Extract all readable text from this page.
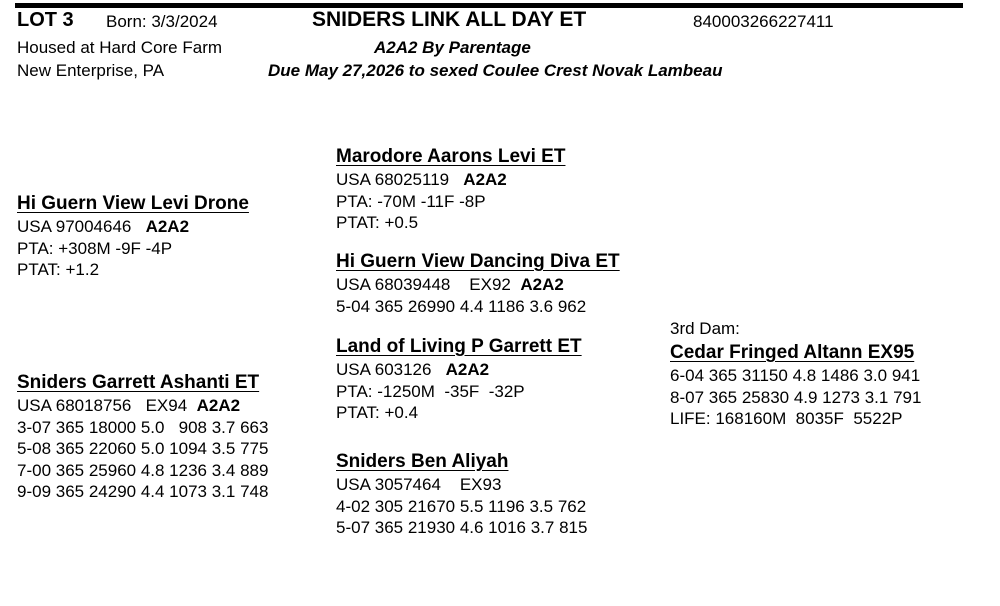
LOT 3 Born: 3/3/2024	SNIDERS LINK ALL DAY ET	840003266227411
Housed at Hard Core Farm
New Enterprise, PA
A2A2 By Parentage
Due May 27,2026 to sexed Coulee Crest Novak Lambeau
Hi Guern View Levi Drone
USA 97004646 A2A2
PTA: +308M -9F -4P
PTAT: +1.2
Marodore Aarons Levi ET
USA 68025119 A2A2
PTA: -70M -11F -8P
PTAT: +0.5
Hi Guern View Dancing Diva ET
USA 68039448 EX92 A2A2
5-04 365 26990 4.4 1186 3.6 962
Sniders Garrett Ashanti ET
USA 68018756 EX94 A2A2
3-07 365 18000 5.0   908 3.7 663
5-08 365 22060 5.0 1094 3.5 775
7-00 365 25960 4.8 1236 3.4 889
9-09 365 24290 4.4 1073 3.1 748
Land of Living P Garrett ET
USA 603126 A2A2
PTA: -1250M  -35F  -32P
PTAT: +0.4
Sniders Ben Aliyah
USA 3057464 EX93
4-02 305 21670 5.5 1196 3.5 762
5-07 365 21930 4.6 1016 3.7 815
3rd Dam:
Cedar Fringed Altann EX95
6-04 365 31150 4.8 1486 3.0 941
8-07 365 25830 4.9 1273 3.1 791
LIFE: 168160M  8035F  5522P
